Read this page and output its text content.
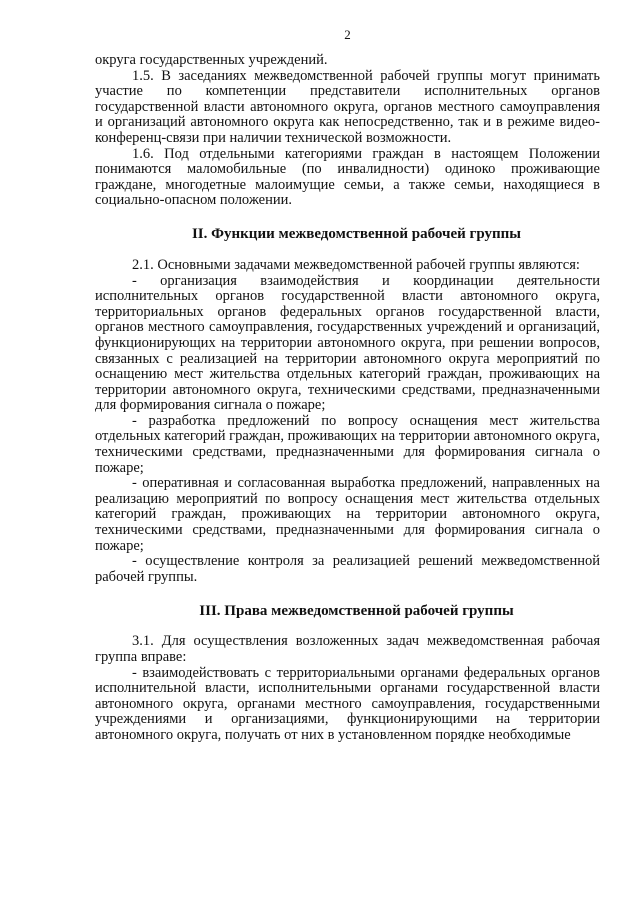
2

округа государственных учреждений.

1.5. В заседаниях межведомственной рабочей группы могут принимать участие по компетенции представители исполнительных органов государственной власти автономного округа, органов местного самоуправления и организаций автономного округа как непосредственно, так и в режиме видео-конференц-связи при наличии технической возможности.

1.6. Под отдельными категориями граждан в настоящем Положении понимаются маломобильные (по инвалидности) одиноко проживающие граждане, многодетные малоимущие семьи, а также семьи, находящиеся в социально-опасном положении.

II. Функции межведомственной рабочей группы

2.1. Основными задачами межведомственной рабочей группы являются:

- организация взаимодействия и координации деятельности исполнительных органов государственной власти автономного округа, территориальных органов федеральных органов государственной власти, органов местного самоуправления, государственных учреждений и организаций, функционирующих на территории автономного округа, при решении вопросов, связанных с реализацией на территории автономного округа мероприятий по оснащению мест жительства отдельных категорий граждан, проживающих на территории автономного округа, техническими средствами, предназначенными для формирования сигнала о пожаре;

- разработка предложений по вопросу оснащения мест жительства отдельных категорий граждан, проживающих на территории автономного округа, техническими средствами, предназначенными для формирования сигнала о пожаре;

- оперативная и согласованная выработка предложений, направленных на реализацию мероприятий по вопросу оснащения мест жительства отдельных категорий граждан, проживающих на территории автономного округа, техническими средствами, предназначенными для формирования сигнала о пожаре;

- осуществление контроля за реализацией решений межведомственной рабочей группы.

III. Права межведомственной рабочей группы

3.1. Для осуществления возложенных задач межведомственная рабочая группа вправе:

- взаимодействовать с территориальными органами федеральных органов исполнительной власти, исполнительными органами государственной власти автономного округа, органами местного самоуправления, государственными учреждениями и организациями, функционирующими на территории автономного округа, получать от них в установленном порядке необходимые
